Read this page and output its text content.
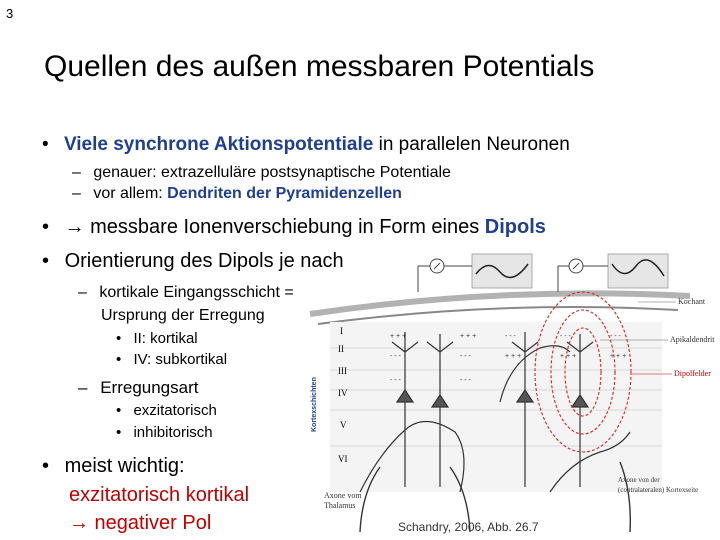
3
Quellen des außen messbaren Potentials
• Viele synchrone Aktionspotentiale in parallelen Neuronen
– genauer: extrazelluläre postsynaptische Potentiale
– vor allem: Dendriten der Pyramidenzellen
• → messbare Ionenverschiebung in Form eines Dipols
• Orientierung des Dipols je nach
– kortikale Eingangsschicht =
Ursprung der Erregung
• II: kortikal
• IV: subkortikal
– Erregungsart
• exzitatorisch
• inhibitorisch
• meist wichtig:
exzitatorisch kortikal
→ negativer Pol
I
II
III
IV
V
VI
Kortexschichten
+ + +
- - -
+ + +
- - -
- - -
+ + +
- - -
+ + +
- - -
+ + +
- - -	- - -
Kochant
Apikaldendrit
Dipolfelder
Axone vom
Thalamus
Axone von der
(contralateralen) Kortexseite
Schandry, 2006, Abb. 26.7
